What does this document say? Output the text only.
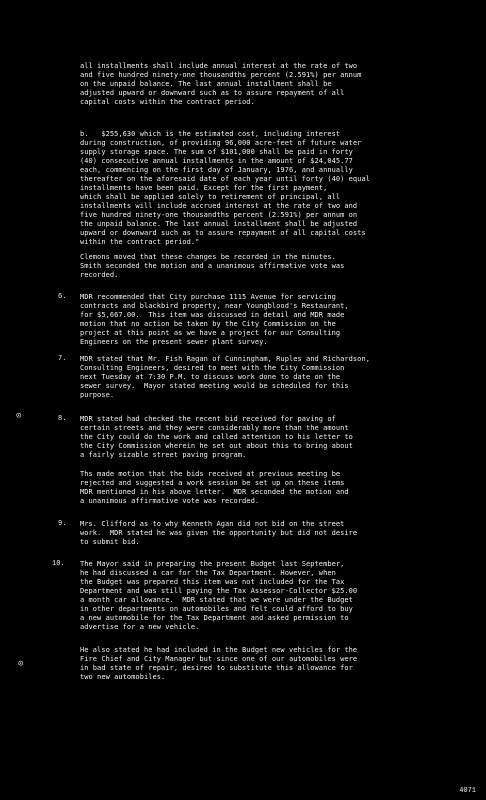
all installments shall include annual interest at the rate of two
and five hundred ninety-one thousandths percent (2.591%) per annum
on the unpaid balance. The last annual installment shall be
adjusted upward or downward such as to assure repayment of all
capital costs within the contract period.
b.   $255,630 which is the estimated cost, including interest
during construction, of providing 96,000 acre-feet of future water
supply storage space. The sum of $101,000 shall be paid in forty
(40) consecutive annual installments in the amount of $24,045.77
each, commencing on the first day of January, 1976, and annually
thereafter on the aforesaid date of each year until forty (40) equal
installments have been paid. Except for the first payment,
which shall be applied solely to retirement of principal, all
installments will include accrued interest at the rate of two and
five hundred ninety-one thousandths percent (2.591%) per annum on
the unpaid balance. The last annual installment shall be adjusted
upward or downward such as to assure repayment of all capital costs
within the contract period."
Clemons moved that these changes be recorded in the minutes.
Smith seconded the motion and a unanimous affirmative vote was
recorded.
6. MDR recommended that City purchase 1115 Avenue for servicing
contracts and blackbird property, near Youngblood's Restaurant,
for $5,667.00.  This item was discussed in detail and MDR made
motion that no action be taken by the City Commission on the
project at this point as we have a project for our Consulting
Engineers on the present sewer plant survey.
7. MDR stated that Mr. Fish Ragan of Cunningham, Ruples and Richardson,
Consulting Engineers, desired to meet with the City Commission
next Tuesday at 7:30 P.M. to discuss work done to date on the
sewer survey.  Mayor stated meeting would be scheduled for this
purpose.
8. MDR stated had checked the recent bid received for paving of
certain streets and they were considerably more than the amount
the City could do the work and called attention to his letter to
the City Commission wherein he set out about this to bring about
a fairly sizable street paving program.
Ths made motion that the bids received at previous meeting be
rejected and suggested a work session be set up on these items
MDR mentioned in his above letter.  MDR seconded the motion and
a unanimous affirmative vote was recorded.
9. Mrs. Clifford as to why Kenneth Agan did not bid on the street
work.  MDR stated he was given the opportunity but did not desire
to submit bid.
10. The Mayor said in preparing the present Budget last September,
he had discussed a car for the Tax Department. However, when
the Budget was prepared this item was not included for the Tax
Department and was still paying the Tax Assessor-Collector $25.00
a month car allowance.  MDR stated that we were under the Budget
in other departments on automobiles and felt could afford to buy
a new automobile for the Tax Department and asked permission to
advertise for a new vehicle.
He also stated he had included in the Budget new vehicles for the
Fire Chief and City Manager but since one of our automobiles were
in bad state of repair, desired to substitute this allowance for
two new automobiles.
⊙
⊙
4071
